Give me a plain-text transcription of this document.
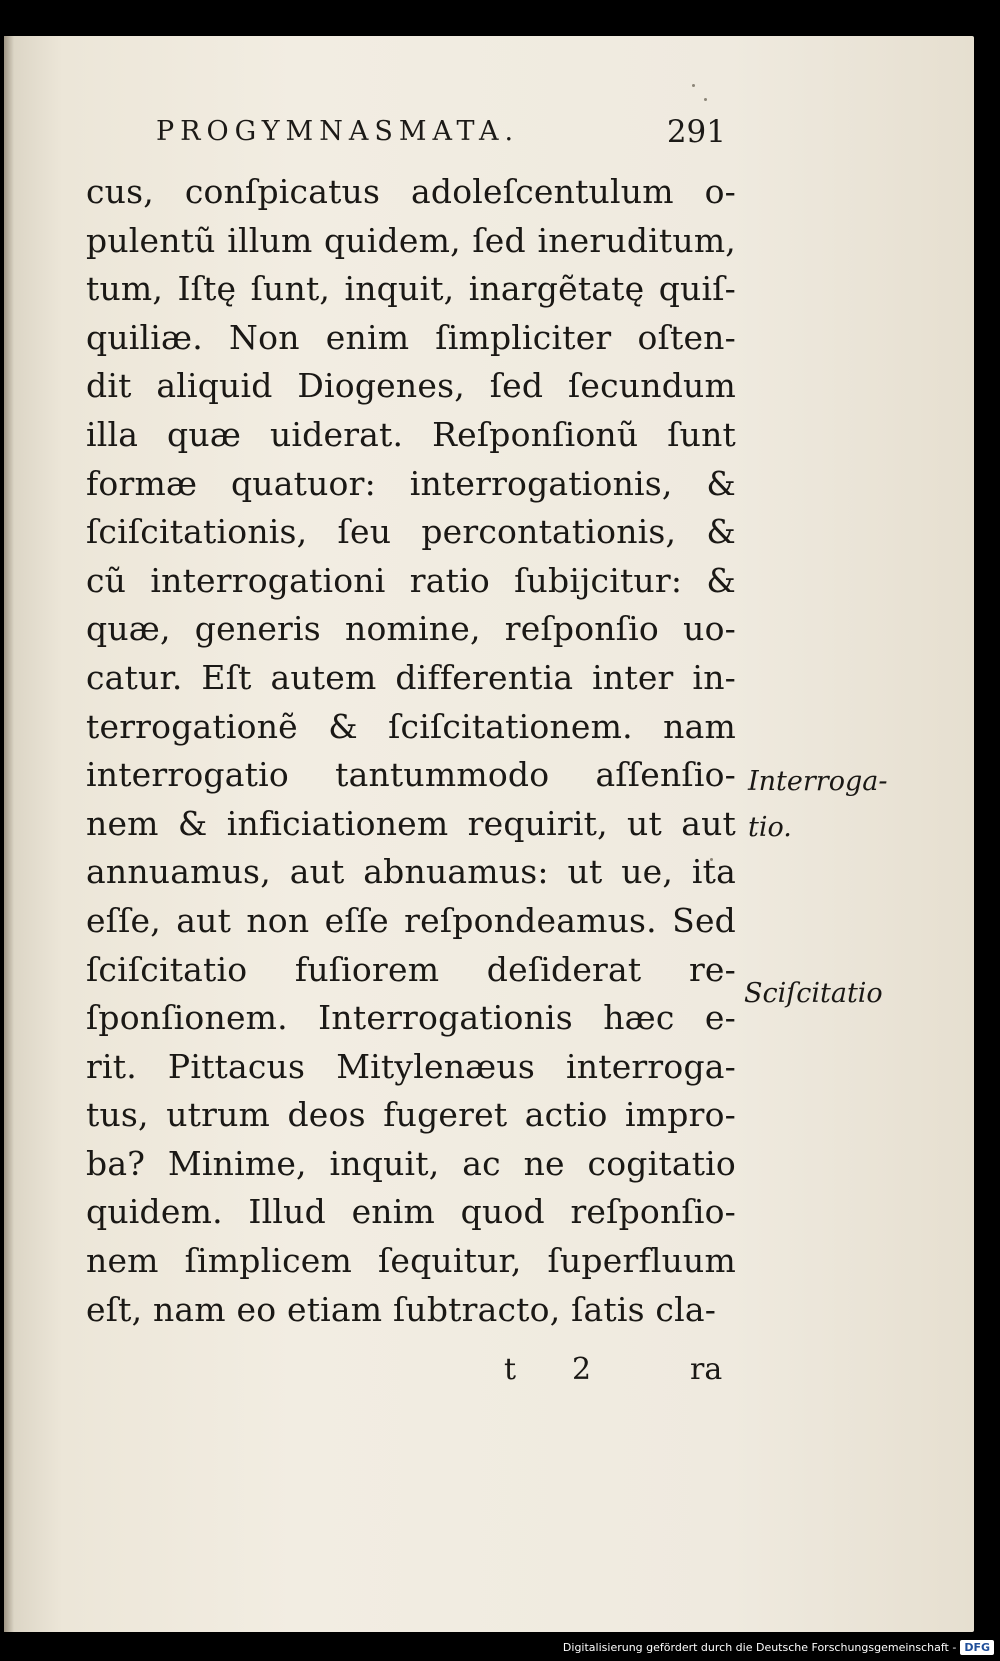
PROGYMNASMATA.	291
cus, conſpicatus adoleſcentulum o-
pulentũ illum quidem, ſed ineruditum,
tum, Iſtę ſunt, inquit, inargẽtatę quiſ-
quiliæ. Non enim ſimpliciter oſten-
dit aliquid Diogenes, ſed ſecundum
illa quæ uiderat. Reſponſionũ ſunt
formæ quatuor: interrogationis, &
ſciſcitationis, ſeu percontationis, &
cũ interrogationi ratio ſubijcitur: &
quæ, generis nomine, reſponſio uo-
catur. Eſt autem differentia inter in-
terrogationẽ & ſciſcitationem. nam
interrogatio tantummodo aſſenſio-
nem & inficiationem requirit, ut aut
annuamus, aut abnuamus: ut ue, ita
eſſe, aut non eſſe reſpondeamus. Sed
ſciſcitatio fuſiorem deſiderat re-
ſponſionem. Interrogationis hæc e-
rit. Pittacus Mitylenæus interroga-
tus, utrum deos fugeret actio impro-
ba? Minime, inquit, ac ne cogitatio
quidem. Illud enim quod reſponſio-
nem ſimplicem ſequitur, ſuperfluum
eſt, nam eo etiam ſubtracto, ſatis cla-
Interroga-
tio.
Sciſcitatio
t 2	ra
Digitalisierung gefördert durch die Deutsche Forschungsgemeinschaft - DFG
